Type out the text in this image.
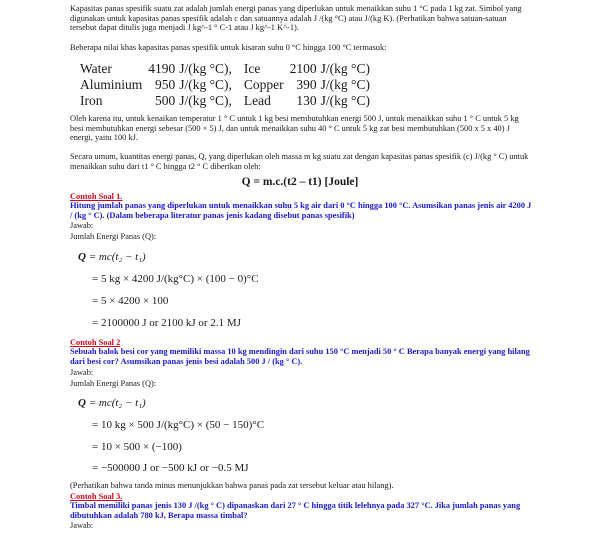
Kapasitas panas spesifik suatu zat adalah jumlah energi panas yang diperlukan untuk menaikkan suhu 1 °C pada 1 kg zat. Simbol yang digunakan untuk kapasitas panas spesifik adalah c dan satuannya adalah J /(kg °C) atau J/(kg K). (Perhatikan bahwa satuan-satuan tersebut dapat ditulis juga menjadi J kg^-1 ° C-1 atau J kg^-1 K^-1).
Beberapa nilai khas kapasitas panas spesifik untuk kisaran suhu 0 °C hingga 100 °C termasuk:
Water	4190	J/(kg °C),	Ice	2100	J/(kg °C)
Aluminium	950	J/(kg °C),	Copper	390	J/(kg °C)
Iron	500	J/(kg °C),	Lead	130	J/(kg °C)
Oleh karena itu, untuk kenaikan temperatur 1 ° C untuk 1 kg besi membutuhkan energi 500 J, untuk menaikkan suhu 1 ° C untuk 5 kg besi membutuhkan energi sebesar (500 × 5) J, dan untuk menaikkan suhu 40 ° C untuk 5 kg zat besi membutuhkan (500 x 5 x 40) J energi, yaitu 100 kJ.
Secara umum, kuantitas energi panas, Q, yang diperlukan oleh massa m kg suatu zat dengan kapasitas panas spesifik (c) J/(kg ° C) untuk menaikkan suhu dari t1 ° C hingga t2 ° C diberikan oleh:
Q = m.c.(t2 – t1) [Joule]
Contoh Soal 1.
Hitung jumlah panas yang diperlukan untuk menaikkan suhu 5 kg air dari 0 °C hingga 100 °C. Asumsikan panas jenis air 4200 J / (kg ° C). (Dalam beberapa literatur panas jenis kadang disebut panas spesifik)
Jawab:
Jumlah Energi Panas (Q):
Q = mc(t₂ − t₁)
= 5 kg × 4200 J/(kg°C) × (100 − 0)°C
= 5 × 4200 × 100
= 2100000 J or 2100 kJ or 2.1 MJ
Contoh Soal 2
Sebuah balok besi cor yang memiliki massa 10 kg mendingin dari suhu 150 °C menjadi 50 ° C Berapa banyak energi yang hilang dari besi cor? Asumsikan panas jenis besi adalah 500 J / (kg ° C).
Jawab:
Jumlah Energi Panas (Q):
Q = mc(t₂ − t₁)
= 10 kg × 500 J/(kg°C) × (50 − 150)°C
= 10 × 500 × (−100)
= −500000 J or −500 kJ or −0.5 MJ
(Perhatikan bahwa tanda minus menunjukkan bahwa panas pada zat tersebut keluar atau hilang).
Contoh Soal 3.
Timbal memiliki panas jenis 130 J /(kg ° C) dipanaskan dari 27 ° C hingga titik lelehnya pada 327 °C. Jika jumlah panas yang dibutuhkan adalah 780 kJ, Berapa massa timbal?
Jawab:
